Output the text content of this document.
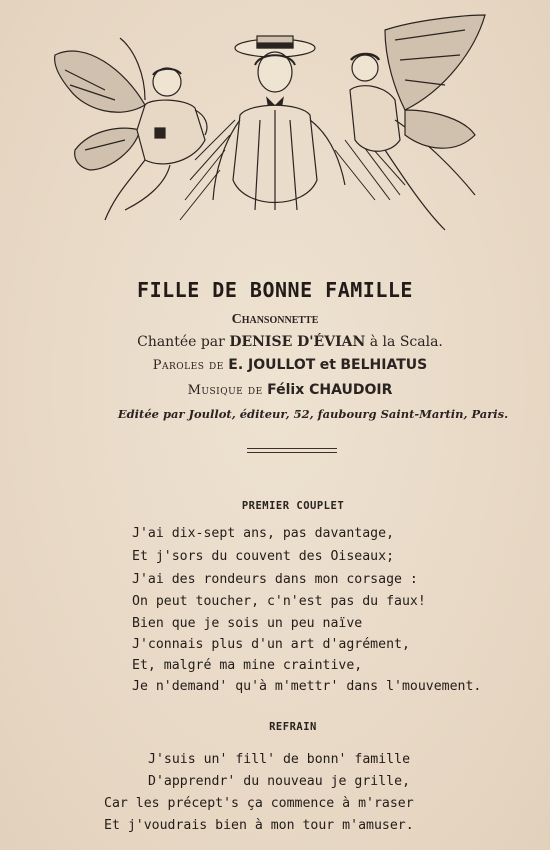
FILLE DE BONNE FAMILLE
Chansonnette
Chantée par DENISE D'ÉVIAN à la Scala.
Paroles de E. JOULLOT et BELHIATUS
Musique de Félix CHAUDOIR
Editée par Joullot, éditeur, 52, faubourg Saint-Martin, Paris.
PREMIER COUPLET
J'ai dix-sept ans, pas davantage,
Et j'sors du couvent des Oiseaux;
J'ai des rondeurs dans mon corsage :
On peut toucher, c'n'est pas du faux!
Bien que je sois un peu naïve
J'connais plus d'un art d'agrément,
Et, malgré ma mine craintive,
Je n'demand' qu'à m'mettr' dans l'mouvement.
REFRAIN
J'suis un' fill' de bonn' famille
D'apprendr' du nouveau je grille,
Car les précept's ça commence à m'raser
Et j'voudrais bien à mon tour m'amuser.
